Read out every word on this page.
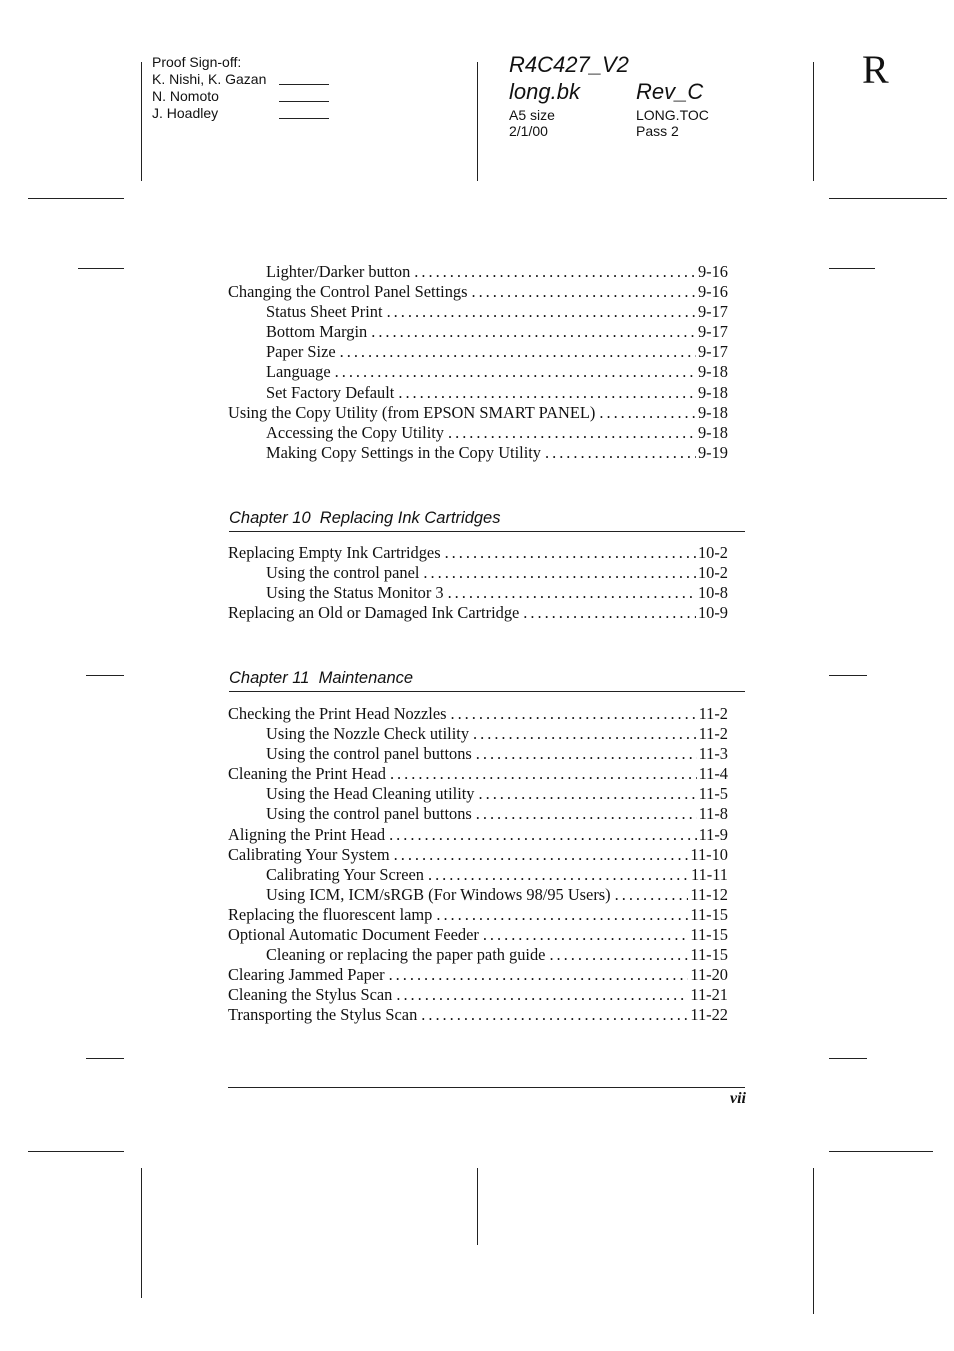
Proof Sign-off:
K. Nishi, K. Gazan
N. Nomoto
J. Hoadley
R4C427_V2
long.bk	Rev_C
A5 size	LONG.TOC
2/1/00	Pass 2
R
Lighter/Darker button . . .	9-16
Changing the Control Panel Settings . . .	9-16
Status Sheet Print . . .	9-17
Bottom Margin . . .	9-17
Paper Size . . .	9-17
Language . . .	9-18
Set Factory Default . . .	9-18
Using the Copy Utility (from EPSON SMART PANEL) . . .	9-18
Accessing the Copy Utility . . .	9-18
Making Copy Settings in the Copy Utility . . .	9-19
Chapter 10  Replacing Ink Cartridges
Replacing Empty Ink Cartridges . . .	10-2
Using the control panel . . .	10-2
Using the Status Monitor 3 . . .	10-8
Replacing an Old or Damaged Ink Cartridge . . .	10-9
Chapter 11  Maintenance
Checking the Print Head Nozzles . . .	11-2
Using the Nozzle Check utility . . .	11-2
Using the control panel buttons . . .	11-3
Cleaning the Print Head . . .	11-4
Using the Head Cleaning utility . . .	11-5
Using the control panel buttons . . .	11-8
Aligning the Print Head . . .	11-9
Calibrating Your System . . .	11-10
Calibrating Your Screen . . .	11-11
Using ICM, ICM/sRGB (For Windows 98/95 Users) . . .	11-12
Replacing the fluorescent lamp . . .	11-15
Optional Automatic Document Feeder . . .	11-15
Cleaning or replacing the paper path guide . . .	11-15
Clearing Jammed Paper . . .	11-20
Cleaning the Stylus Scan . . .	11-21
Transporting the Stylus Scan . . .	11-22
vii
